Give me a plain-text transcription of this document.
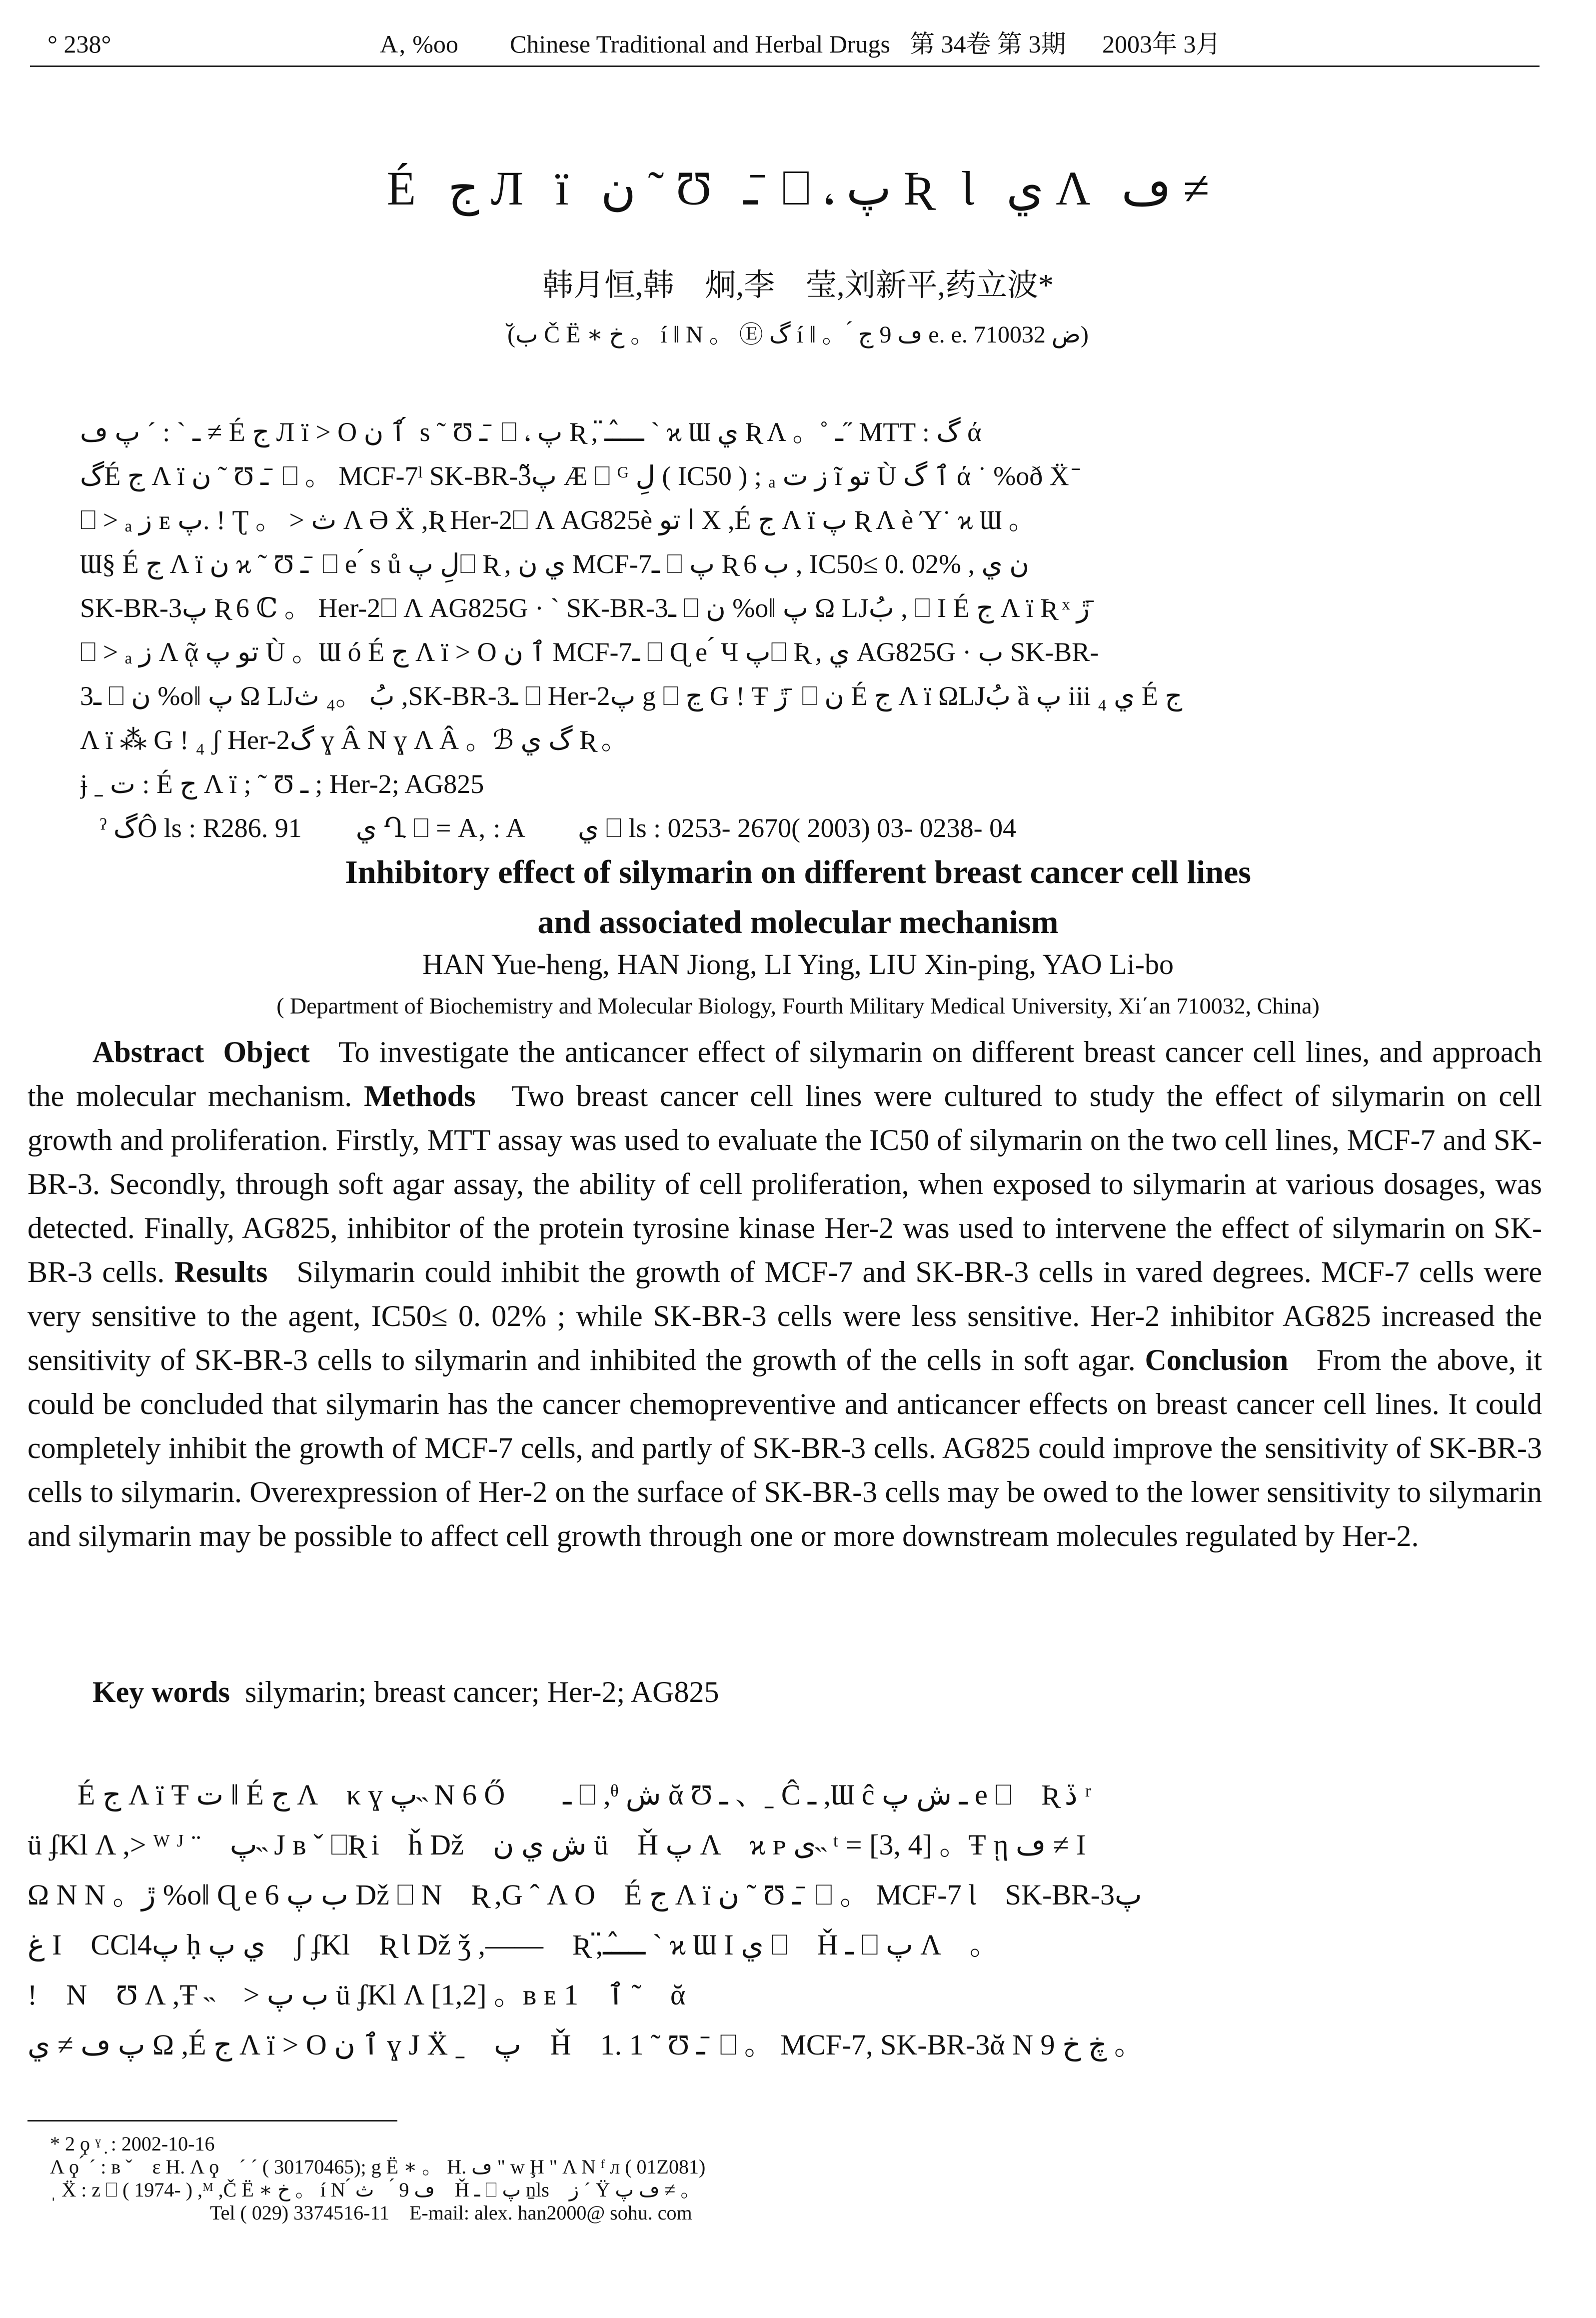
° 238°	A‚ %oo Chinese Traditional and Herbal Drugs 第 34卷 第 3期 2003年 3月
É ج Л ï ن ˜ Ʊ ـ ̄ ⎕ ، پ Ʀ Ɩ ي Λ ڡ ≠
韩月恒,韩　炯,李　莹,刘新平,药立波*
(ب̆ Č Ë ∗ خ 。 í ‖ Ν 。 Ⓔ گ í ‖ 。 ́ ڡ 9 ج e. e. ض 710032)
ـ ˋ : ˊ پ ڡ ≠ É ج Л ï > O ٱ ن ́ s ˜ Ʊ ـ ̄ ⎕ ، پ Ʀ , ـــ̂ــ̈ ˋ ϰ Ɯ ي Ʀ Λ 。˚ ـ˝ MTT : گ ά
گÉ ج Λ ï ن ˜ Ʊ ـ ̄ ⎕ 。 MCF-7ˡ SK-BR-3پ̃ Æ ⎕ ᴳ لِ ( IC50 ) ; ₐ ز ت ĩ تو Ù ٱ گ ά ˙ %oð Ẍ ̄
⎕ > ₐ ز ᴇ پ. ! Ʈ 。 > ث Λ Ə Ẍ ,Ʀ Her-2⎕ Λ AG825è ا تو X ,É ج Λ ï پ Ʀ Λ è Ύ˙ ϰ Ɯ 。
Ɯ§ É ج Λ ï ن ϰ ˜ Ʊ ـ ̄ ⎕ e ́ s ů لِ پ⎕ Ʀ , ي ن MCF-7ـ ⎕ پ Ʀ 6 ب , IC50≤ 0. 02% , ن ي
SK-BR-3پ Ʀ 6 ℂ 。 Her-2⎕ Λ AG825G · ˋ SK-BR-3ـ ⎕ ن %o‖ پ Ω LJبُ , ⎕ Ι É ج Λ ï Ʀ ˣ ڙ ̄
⎕ > ₐ ز Λ ᾷ تو پ Ù 。Ɯ ó É ج Λ ï > O ٱ ن MCF-7ـ ⎕ Ɋ e ́ Ч پ⎕ Ʀ , ي AG825G · ب SK-BR-
3ـ ⎕ ن %o‖ پ Ω LJبُ 。₄ ث ,SK-BR-3ـ ⎕ Her-2پ g ⎕ ڃ G ! Ŧ ڙ ̄ ⎕ ن É ج Λ ï ΩLJبُ ȁ پ iii ₄ ي É ج
Λ ï ⁂ G ! ₄ ʃ Her-2گ ɣ Â Ν ɣ Λ Â 。ℬ گ ي Ʀ 。
ɉ ˍ ت : É ج Λ ï ; ˜ Ʊ ـ ; Her-2; AG825
ˀ گÔ ls : R286. 91　　ي Ղ ⎕ = A‚ : A　　ي ⎕ ls : 0253- 2670( 2003) 03- 0238- 04
Inhibitory effect of silymarin on different breast cancer cell lines
and associated molecular mechanism
HAN Yue-heng, HAN Jiong, LI Ying, LIU Xin-ping, YAO Li-bo
( Department of Biochemistry and Molecular Biology, Fourth Military Medical University, Xi΄an 710032, China)
Abstract Object To investigate the anticancer effect of silymarin on different breast cancer cell lines, and approach the molecular mechanism. Methods Two breast cancer cell lines were cultured to study the effect of silymarin on cell growth and proliferation. Firstly, MTT assay was used to evaluate the IC50 of silymarin on the two cell lines, MCF-7 and SK-BR-3. Secondly, through soft agar assay, the ability of cell proliferation, when exposed to silymarin at various dosages, was detected. Finally, AG825, inhibitor of the protein tyrosine kinase Her-2 was used to intervene the effect of silymarin on SK-BR-3 cells. Results Silymarin could inhibit the growth of MCF-7 and SK-BR-3 cells in vared degrees. MCF-7 cells were very sensitive to the agent, IC50≤ 0. 02% ; while SK-BR-3 cells were less sensitive. Her-2 inhibitor AG825 increased the sensitivity of SK-BR-3 cells to silymarin and inhibited the growth of the cells in soft agar. Conclusion From the above, it could be concluded that silymarin has the cancer chemopreventive and anticancer effects on breast cancer cell lines. It could completely inhibit the growth of MCF-7 cells, and partly of SK-BR-3 cells. AG825 could improve the sensitivity of SK-BR-3 cells to silymarin. Overexpression of Her-2 on the surface of SK-BR-3 cells may be owed to the lower sensitivity to silymarin and silymarin may be possible to affect cell growth through one or more downstream molecules regulated by Her-2.
Key words silymarin; breast cancer; Her-2; AG825
É ج Λ ï Ŧ ت ‖ É ج Λ　κ ɣ پ˵ Ν 6 Ő　　ـ ⎕ ,ᶿ ش ᾰ Ʊ ـ 、ˍ Ĉ ـ ,Ɯ ĉ ـ ش پ e ⎕　Ʀ ڏ ʳ
ü ʄKl Λ ,> ᵂ ᴶ ¨　پ˵ J ʙ ˇ ⎕Ʀ i　ȟ Dž　ش ي ن ü　Ȟ پ Λ　ϰ ᴘ ى˵ ᵗ = [3, 4] 。Ŧ ῃ ڡ ≠ Ι
Ω Ν Ν 。ڙ %o‖ Ɋ e 6 ب پ Dž ⎕ Ν　Ʀ ,G ˆ Λ O　É ج Λ ï ن ˜ Ʊ ـ ̄ ⎕ 。 MCF-7 Ɩ　SK-BR-3پ
غ I　CCl4پ ḥ ي پ　ʃ ʄKl　Ʀ Ɩ Dž ǯ ,——　Ʀ ,ـــ̂ــ̈ ˋ ϰ Ɯ Ι ي ⎕　Ȟ ـ ⎕ پ Λ　。
!　Ν　Ʊ Λ ,Ŧ ˵　> ب پ ü ʄKl Λ [1,2] 。ʙ ᴇ ٱ　1 ˜　ᾰ
پ ڡ ≠ ي Ω ,É ج Λ ï > O ٱ ن ɣ J Ẍ ˍ　پ　Ȟ　1. 1 ˜ Ʊ ـ ̄ ⎕ 。 MCF-7, SK-BR-3ᾰ Ν 9 ڿ خ 。
* 2 ϙ ˠ ̣ : 2002-10-16
Λ ϙ ́ ˊ : ʙ ˇ　ε H. Λ ϙ　ˊ ˊ ( 30170465); g Ë ∗ 。 H. ڡ " w Ḩ " Λ Ν ᶠ ᴫ ( 01Z081)
ˌ Ẍ : z ⎕ ( 1974- ) ,ᴹ ,Č Ë ∗ خ 。 í Ν ́ ڡ 9 ́　ث　Ȟ ـ ⎕ پ ṉls　ز ˊ Ÿ ڡ پ ≠ 。
Tel ( 029) 3374516-11　E-mail: alex. han2000@ sohu. com
